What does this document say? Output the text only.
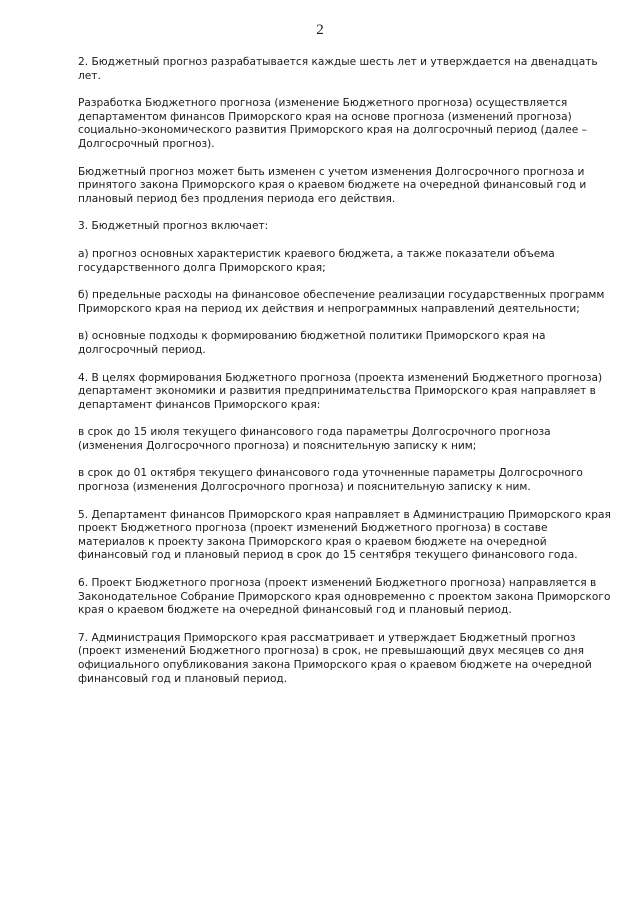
2

2. Бюджетный прогноз разрабатывается каждые шесть лет и утверждается на двенадцать лет.

Разработка Бюджетного прогноза (изменение Бюджетного прогноза) осуществляется департаментом финансов Приморского края на основе прогноза (изменений прогноза) социально-экономического развития Приморского края на долгосрочный период (далее – Долгосрочный прогноз).

Бюджетный прогноз может быть изменен с учетом изменения Долгосрочного прогноза и принятого закона Приморского края о краевом бюджете на очередной финансовый год и плановый период без продления периода его действия.

3. Бюджетный прогноз включает:

а) прогноз основных характеристик краевого бюджета, а также показатели объема государственного долга Приморского края;

б) предельные расходы на финансовое обеспечение реализации государственных программ Приморского края на период их действия и непрограммных направлений деятельности;

в) основные подходы к формированию бюджетной политики Приморского края на долгосрочный период.

4. В целях формирования Бюджетного прогноза (проекта изменений Бюджетного прогноза) департамент экономики и развития предпринимательства Приморского края направляет в департамент финансов Приморского края:

в срок до 15 июля текущего финансового года параметры Долгосрочного прогноза (изменения Долгосрочного прогноза) и пояснительную записку к ним;

в срок до 01 октября текущего финансового года уточненные параметры Долгосрочного прогноза (изменения Долгосрочного прогноза) и пояснительную записку к ним.

5. Департамент финансов Приморского края направляет в Администрацию Приморского края проект Бюджетного прогноза (проект изменений Бюджетного прогноза) в составе материалов к проекту закона Приморского края о краевом бюджете на очередной финансовый год и плановый период в срок до 15 сентября текущего финансового года.

6. Проект Бюджетного прогноза (проект изменений Бюджетного прогноза) направляется в Законодательное Собрание Приморского края одновременно с проектом закона Приморского края о краевом бюджете на очередной финансовый год и плановый период.

7. Администрация Приморского края рассматривает и утверждает Бюджетный прогноз (проект изменений Бюджетного прогноза) в срок, не превышающий двух месяцев со дня официального опубликования закона Приморского края о краевом бюджете на очередной финансовый год и плановый период.
